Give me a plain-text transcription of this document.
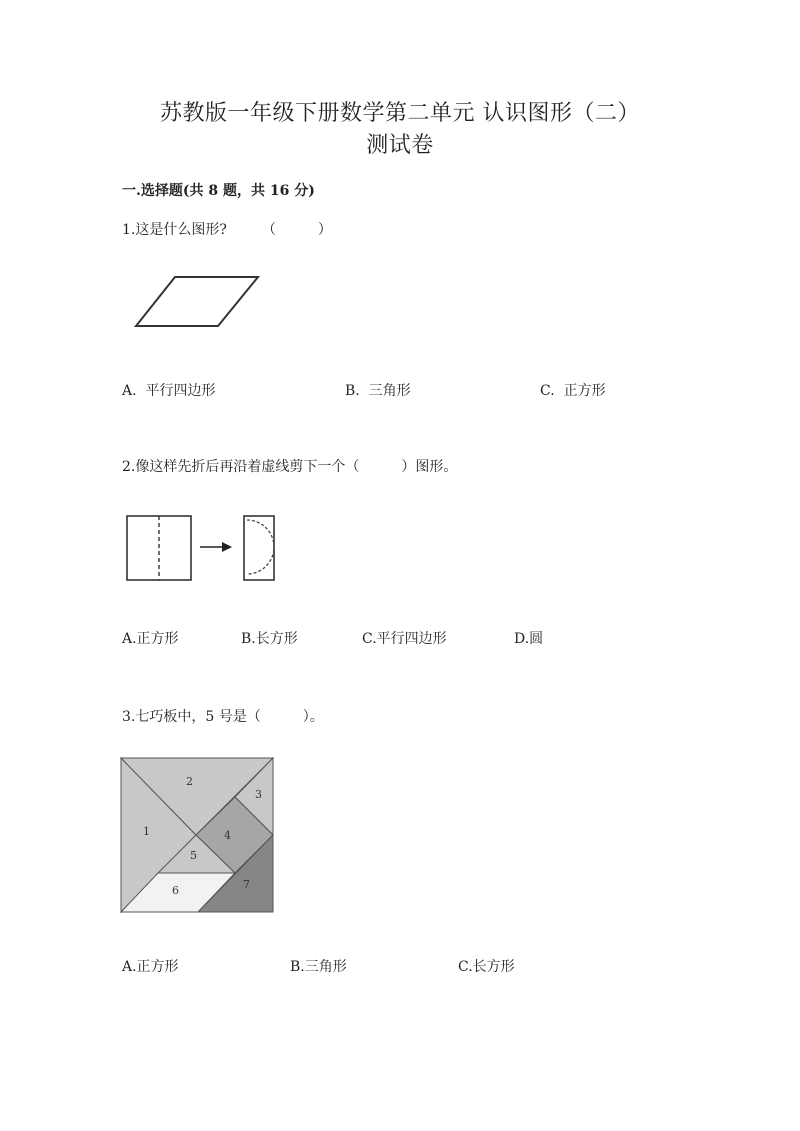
苏教版一年级下册数学第二单元 认识图形（二）
测试卷
一.选择题(共 8 题，共 16 分)
1.这是什么图形?　　　（　　　）
A.  平行四边形	B.  三角形	C.  正方形
2.像这样先折后再沿着虚线剪下一个（　　　）图形。
A.正方形	B.长方形	C.平行四边形	D.圆
3.七巧板中，5 号是（　　　）。
1
2
3
4
5
6	7
A.正方形	B.三角形	C.长方形
